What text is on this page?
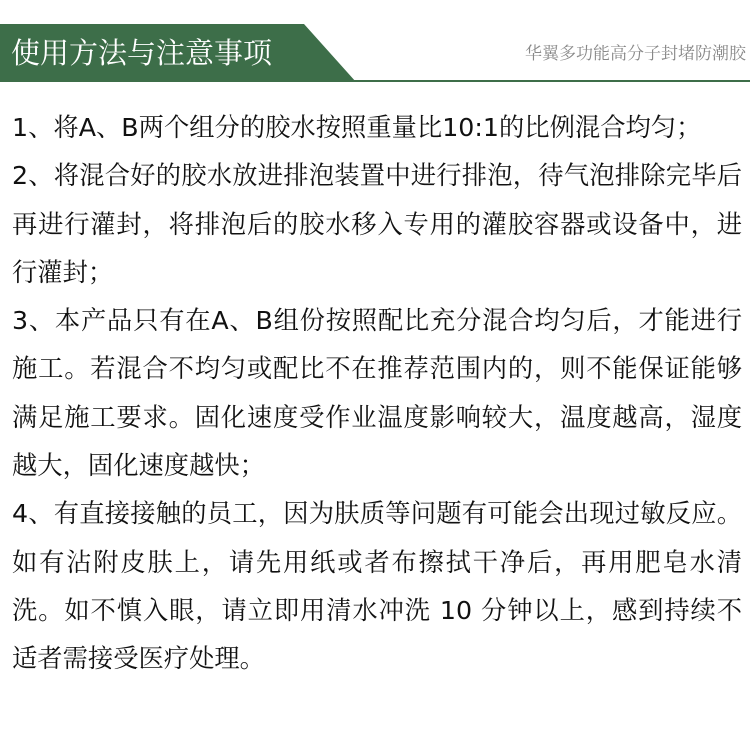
使用方法与注意事项	华翼多功能高分子封堵防潮胶
1、将A、B两个组分的胶水按照重量比10:1的比例混合均匀；
2、将混合好的胶水放进排泡装置中进行排泡，待气泡排除完毕后再进行灌封，将排泡后的胶水移入专用的灌胶容器或设备中，进行灌封；
3、本产品只有在A、B组份按照配比充分混合均匀后，才能进行施工。若混合不均匀或配比不在推荐范围内的，则不能保证能够满足施工要求。固化速度受作业温度影响较大，温度越高，湿度越大，固化速度越快；
4、有直接接触的员工，因为肤质等问题有可能会出现过敏反应。如有沾附皮肤上，请先用纸或者布擦拭干净后，再用肥皂水清洗。如不慎入眼，请立即用清水冲洗 10 分钟以上，感到持续不适者需接受医疗处理。
